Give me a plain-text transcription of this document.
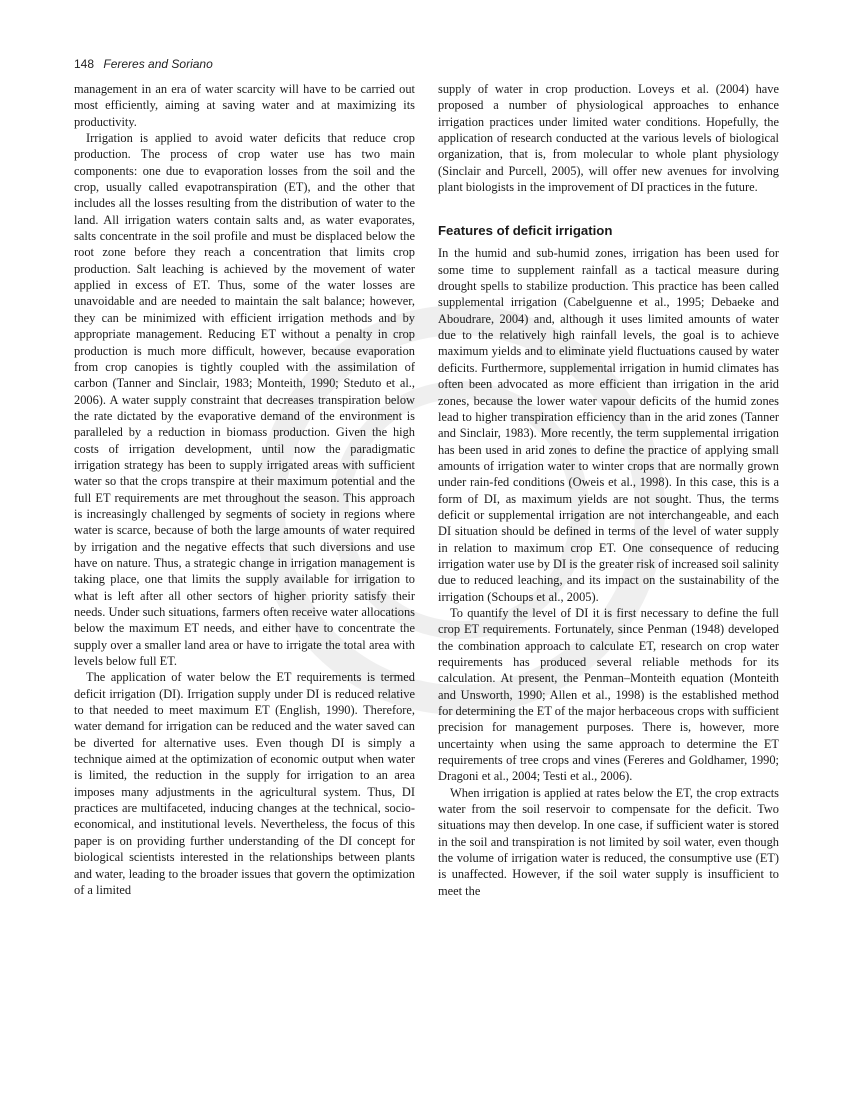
148 Fereres and Soriano

management in an era of water scarcity will have to be carried out most efficiently, aiming at saving water and at maximizing its productivity.

Irrigation is applied to avoid water deficits that reduce crop production. The process of crop water use has two main components: one due to evaporation losses from the soil and the crop, usually called evapotranspiration (ET), and the other that includes all the losses resulting from the distribution of water to the land. All irrigation waters contain salts and, as water evaporates, salts concentrate in the soil profile and must be displaced below the root zone before they reach a concentration that limits crop production. Salt leaching is achieved by the movement of water applied in excess of ET. Thus, some of the water losses are unavoidable and are needed to maintain the salt balance; however, they can be minimized with efficient irrigation methods and by appropriate management. Reducing ET without a penalty in crop production is much more difficult, however, because evaporation from crop canopies is tightly coupled with the assimilation of carbon (Tanner and Sinclair, 1983; Monteith, 1990; Steduto et al., 2006). A water supply constraint that decreases transpiration below the rate dictated by the evaporative demand of the environment is paralleled by a reduction in biomass production. Given the high costs of irrigation development, until now the paradigmatic irrigation strategy has been to supply irrigated areas with sufficient water so that the crops transpire at their maximum potential and the full ET requirements are met throughout the season. This approach is increasingly challenged by segments of society in regions where water is scarce, because of both the large amounts of water required by irrigation and the negative effects that such diversions and use have on nature. Thus, a strategic change in irrigation management is taking place, one that limits the supply available for irrigation to what is left after all other sectors of higher priority satisfy their needs. Under such situations, farmers often receive water allocations below the maximum ET needs, and either have to concentrate the supply over a smaller land area or have to irrigate the total area with levels below full ET.

The application of water below the ET requirements is termed deficit irrigation (DI). Irrigation supply under DI is reduced relative to that needed to meet maximum ET (English, 1990). Therefore, water demand for irrigation can be reduced and the water saved can be diverted for alternative uses. Even though DI is simply a technique aimed at the optimization of economic output when water is limited, the reduction in the supply for irrigation to an area imposes many adjustments in the agricultural system. Thus, DI practices are multifaceted, inducing changes at the technical, socio-economical, and institutional levels. Nevertheless, the focus of this paper is on providing further understanding of the DI concept for biological scientists interested in the relationships between plants and water, leading to the broader issues that govern the optimization of a limited

supply of water in crop production. Loveys et al. (2004) have proposed a number of physiological approaches to enhance irrigation practices under limited water conditions. Hopefully, the application of research conducted at the various levels of biological organization, that is, from molecular to whole plant physiology (Sinclair and Purcell, 2005), will offer new avenues for involving plant biologists in the improvement of DI practices in the future.

Features of deficit irrigation

In the humid and sub-humid zones, irrigation has been used for some time to supplement rainfall as a tactical measure during drought spells to stabilize production. This practice has been called supplemental irrigation (Cabelguenne et al., 1995; Debaeke and Aboudrare, 2004) and, although it uses limited amounts of water due to the relatively high rainfall levels, the goal is to achieve maximum yields and to eliminate yield fluctuations caused by water deficits. Furthermore, supplemental irrigation in humid climates has often been advocated as more efficient than irrigation in the arid zones, because the lower water vapour deficits of the humid zones lead to higher transpiration efficiency than in the arid zones (Tanner and Sinclair, 1983). More recently, the term supplemental irrigation has been used in arid zones to define the practice of applying small amounts of irrigation water to winter crops that are normally grown under rain-fed conditions (Oweis et al., 1998). In this case, this is a form of DI, as maximum yields are not sought. Thus, the terms deficit or supplemental irrigation are not interchangeable, and each DI situation should be defined in terms of the level of water supply in relation to maximum crop ET. One consequence of reducing irrigation water use by DI is the greater risk of increased soil salinity due to reduced leaching, and its impact on the sustainability of the irrigation (Schoups et al., 2005).

To quantify the level of DI it is first necessary to define the full crop ET requirements. Fortunately, since Penman (1948) developed the combination approach to calculate ET, research on crop water requirements has produced several reliable methods for its calculation. At present, the Penman–Monteith equation (Monteith and Unsworth, 1990; Allen et al., 1998) is the established method for determining the ET of the major herbaceous crops with sufficient precision for management purposes. There is, however, more uncertainty when using the same approach to determine the ET requirements of tree crops and vines (Fereres and Goldhamer, 1990; Dragoni et al., 2004; Testi et al., 2006).

When irrigation is applied at rates below the ET, the crop extracts water from the soil reservoir to compensate for the deficit. Two situations may then develop. In one case, if sufficient water is stored in the soil and transpiration is not limited by soil water, even though the volume of irrigation water is reduced, the consumptive use (ET) is unaffected. However, if the soil water supply is insufficient to meet the
